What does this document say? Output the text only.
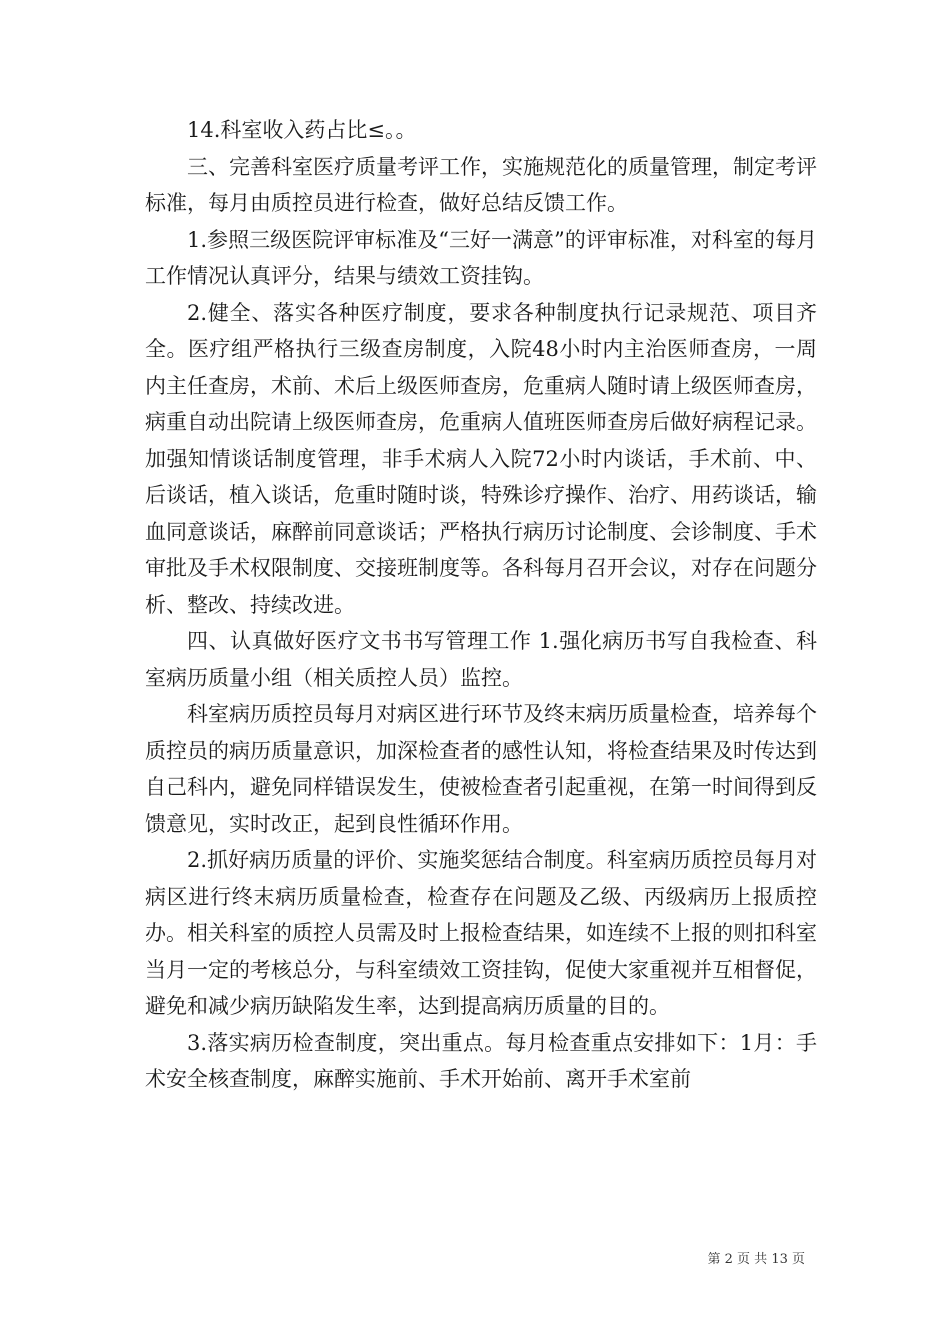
14.科室收入药占比≤。。

三、完善科室医疗质量考评工作，实施规范化的质量管理，制定考评标准，每月由质控员进行检查，做好总结反馈工作。

1.参照三级医院评审标准及“三好一满意”的评审标准，对科室的每月工作情况认真评分，结果与绩效工资挂钩。

2.健全、落实各种医疗制度，要求各种制度执行记录规范、项目齐全。医疗组严格执行三级查房制度，入院48小时内主治医师查房，一周内主任查房，术前、术后上级医师查房，危重病人随时请上级医师查房，病重自动出院请上级医师查房，危重病人值班医师查房后做好病程记录。加强知情谈话制度管理，非手术病人入院72小时内谈话，手术前、中、后谈话，植入谈话，危重时随时谈，特殊诊疗操作、治疗、用药谈话，输血同意谈话，麻醉前同意谈话；严格执行病历讨论制度、会诊制度、手术审批及手术权限制度、交接班制度等。各科每月召开会议，对存在问题分析、整改、持续改进。

四、认真做好医疗文书书写管理工作 1.强化病历书写自我检查、科室病历质量小组（相关质控人员）监控。

科室病历质控员每月对病区进行环节及终末病历质量检查，培养每个质控员的病历质量意识，加深检查者的感性认知，将检查结果及时传达到自己科内，避免同样错误发生，使被检查者引起重视，在第一时间得到反馈意见，实时改正，起到良性循环作用。

2.抓好病历质量的评价、实施奖惩结合制度。科室病历质控员每月对病区进行终末病历质量检查，检查存在问题及乙级、丙级病历上报质控办。相关科室的质控人员需及时上报检查结果，如连续不上报的则扣科室当月一定的考核总分，与科室绩效工资挂钩，促使大家重视并互相督促，避免和减少病历缺陷发生率，达到提高病历质量的目的。

3.落实病历检查制度，突出重点。每月检查重点安排如下：1月：手术安全核查制度，麻醉实施前、手术开始前、离开手术室前

第 2 页 共 13 页
